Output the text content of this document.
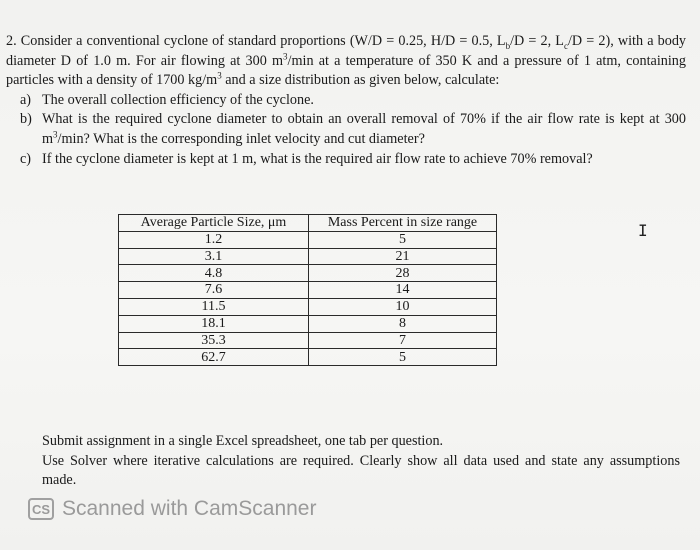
2. Consider a conventional cyclone of standard proportions (W/D = 0.25, H/D = 0.5, $L_b/D = 2$, $L_c/D = 2$), with a body diameter D of 1.0 m. For air flowing at 300 $m^3/\min$ at a temperature of 350 K and a pressure of 1 atm, containing particles with a density of 1700 $kg/m^3$ and a size distribution as given below, calculate:
a) The overall collection efficiency of the cyclone.
b) What is the required cyclone diameter to obtain an overall removal of 70% if the air flow rate is kept at 300 $m^3/\min$? What is the corresponding inlet velocity and cut diameter?
c) If the cyclone diameter is kept at 1 m, what is the required air flow rate to achieve 70% removal?
Average Particle Size, μm	Mass Percent in size range
1.2	5
3.1	21
4.8	28
7.6	14
11.5	10
18.1	8
35.3	7
62.7	5
I
Submit assignment in a single Excel spreadsheet, one tab per question.
Use Solver where iterative calculations are required. Clearly show all data used and state any assumptions made.
CS Scanned with CamScanner
